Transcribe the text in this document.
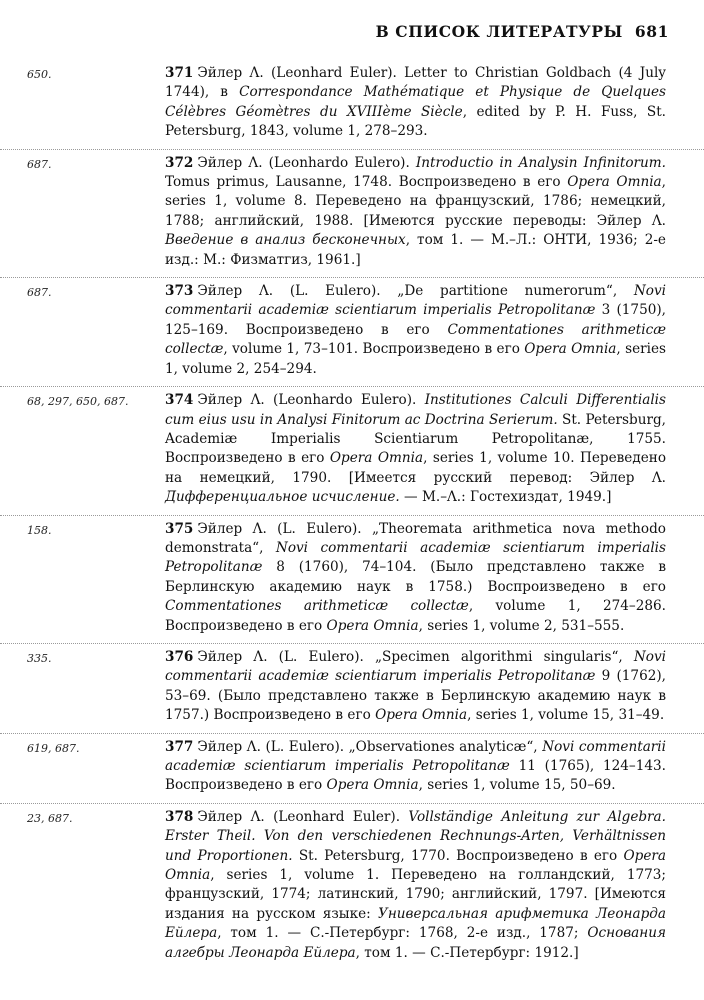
B СПИСОК ЛИТЕРАТУРЫ 681
650.	371 Эйлер Λ. (Leonhard Euler). Letter to Christian Goldbach (4 July 1744), в Correspondance Mathématique et Physique de Quelques Célèbres Géomètres du XVIIIème Siècle, edited by P. H. Fuss, St. Petersburg, 1843, volume 1, 278–293.
687.	372 Эйлер Λ. (Leonhardo Eulero). Introductio in Analysin Infinitorum. Tomus primus, Lausanne, 1748. Воспроизведено в его Opera Omnia, series 1, volume 8. Переведено на французский, 1786; немецкий, 1788; английский, 1988. [Имеются русские переводы: Эйлер Λ. Введение в анализ бесконечных, том 1. — М.–Л.: ОНТИ, 1936; 2-е изд.: М.: Физматгиз, 1961.]
687.	373 Эйлер Λ. (L. Eulero). „De partitione numerorum“, Novi commentarii academiæ scientiarum imperialis Petropolitanæ 3 (1750), 125–169. Воспроизведено в его Commentationes arithmeticæ collectæ, volume 1, 73–101. Воспроизведено в его Opera Omnia, series 1, volume 2, 254–294.
68, 297, 650, 687.	374 Эйлер Λ. (Leonhardo Eulero). Institutiones Calculi Differentialis cum eius usu in Analysi Finitorum ac Doctrina Serierum. St. Petersburg, Academiæ Imperialis Scientiarum Petropolitanæ, 1755. Воспроизведено в его Opera Omnia, series 1, volume 10. Переведено на немецкий, 1790. [Имеется русский перевод: Эйлер Λ. Дифференциальное исчисление. — М.–Λ.: Гостехиздат, 1949.]
158.	375 Эйлер Λ. (L. Eulero). „Theoremata arithmetica nova methodo demonstrata“, Novi commentarii academiæ scientiarum imperialis Petropolitanæ 8 (1760), 74–104. (Было представлено также в Берлинскую академию наук в 1758.) Воспроизведено в его Commentationes arithmeticæ collectæ, volume 1, 274–286. Воспроизведено в его Opera Omnia, series 1, volume 2, 531–555.
335.	376 Эйлер Λ. (L. Eulero). „Specimen algorithmi singularis“, Novi commentarii academiæ scientiarum imperialis Petropolitanæ 9 (1762), 53–69. (Было представлено также в Берлинскую академию наук в 1757.) Воспроизведено в его Opera Omnia, series 1, volume 15, 31–49.
619, 687.	377 Эйлер Λ. (L. Eulero). „Observationes analyticæ“, Novi commentarii academiæ scientiarum imperialis Petropolitanæ 11 (1765), 124–143. Воспроизведено в его Opera Omnia, series 1, volume 15, 50–69.
23, 687.	378 Эйлер Λ. (Leonhard Euler). Vollständige Anleitung zur Algebra. Erster Theil. Von den verschiedenen Rechnungs-Arten, Verhältnissen und Proportionen. St. Petersburg, 1770. Воспроизведено в его Opera Omnia, series 1, volume 1. Переведено на голландский, 1773; французский, 1774; латинский, 1790; английский, 1797. [Имеются издания на русском языке: Универсальная арифметика Леонарда Ейлера, том 1. — С.-Петербург: 1768, 2-е изд., 1787; Основания алгебры Леонарда Ейлера, том 1. — С.-Петербург: 1912.]
